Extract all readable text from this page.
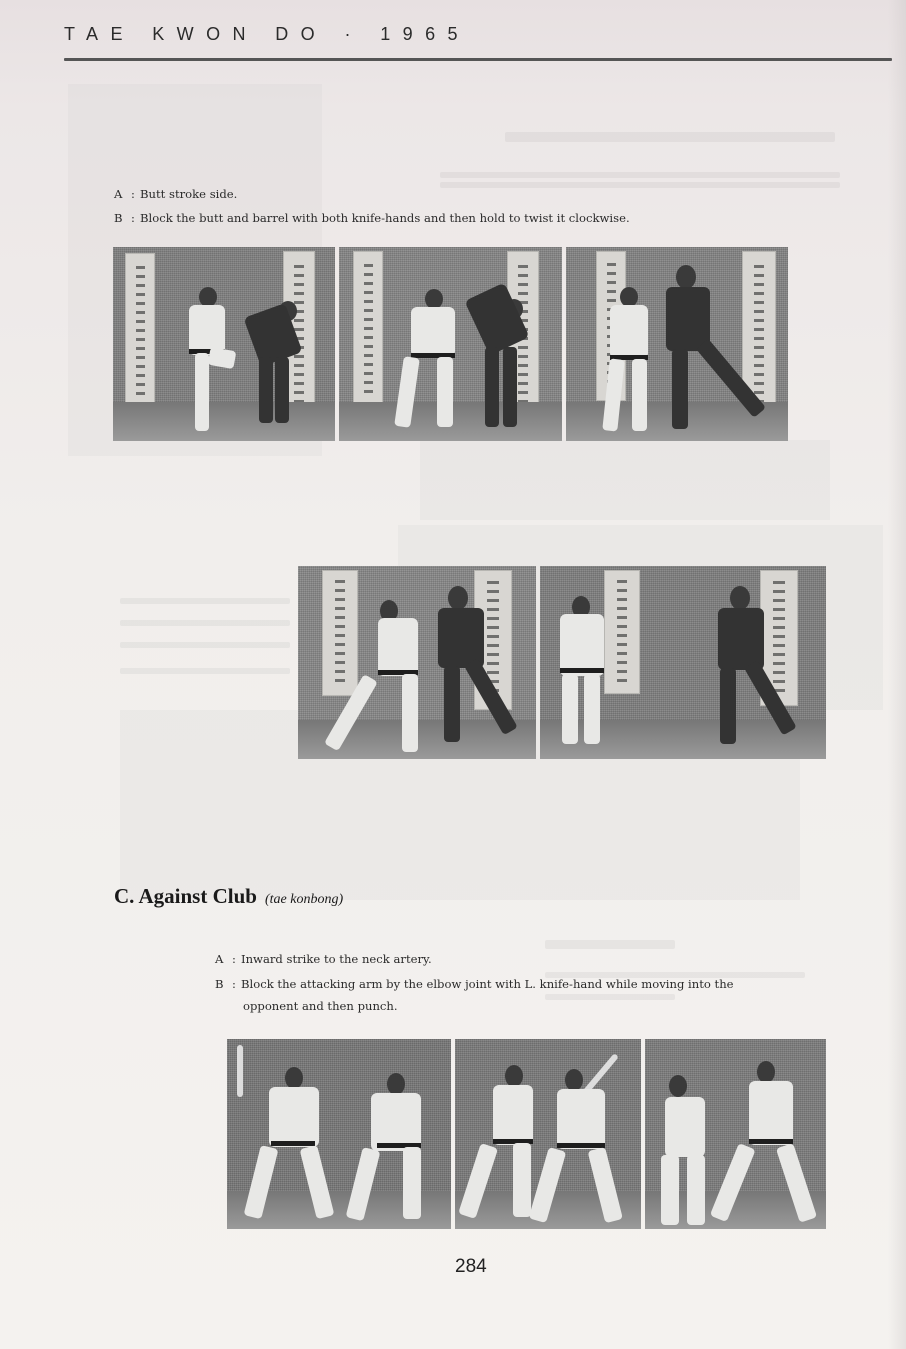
TAE KWON DO · 1965
A : Butt stroke side.
B : Block the butt and barrel with both knife-hands and then hold to twist it clockwise.
C. Against Club (tae konbong)
A : Inward strike to the neck artery.
B : Block the attacking arm by the elbow joint with L. knife-hand while moving into the
opponent and then punch.
284
